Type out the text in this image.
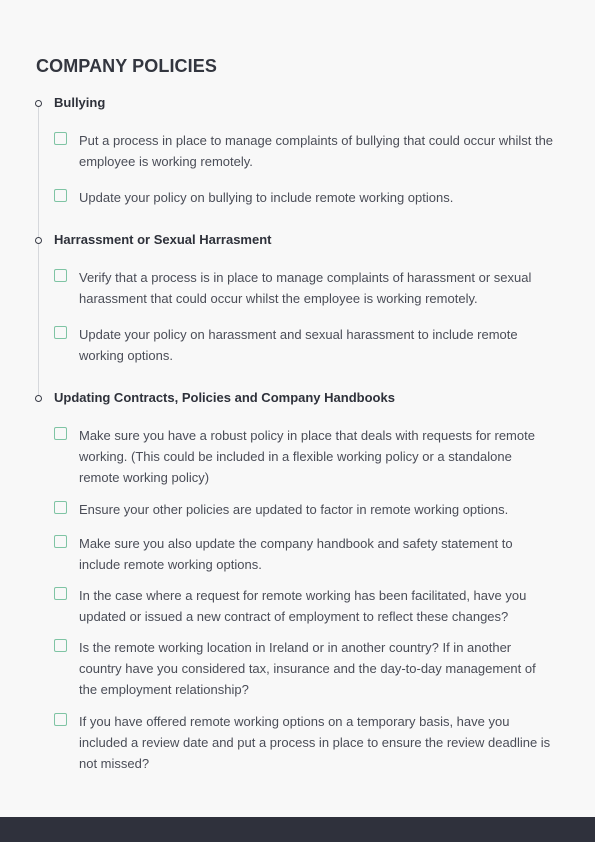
COMPANY POLICIES
Bullying
Put a process in place to manage complaints of bullying that could occur whilst the employee is working remotely.
Update your policy on bullying to include remote working options.
Harrassment or Sexual Harrasment
Verify that a process is in place to manage complaints of harassment or sexual harassment that could occur whilst the employee is working remotely.
Update your policy on harassment and sexual harassment to include remote working options.
Updating Contracts, Policies and Company Handbooks
Make sure you have a robust policy in place that deals with requests for remote working. (This could be included in a flexible working policy or a standalone remote working policy)
Ensure your other policies are updated to factor in remote working options.
Make sure you also update the company handbook and safety statement to include remote working options.
In the case where a request for remote working has been facilitated, have you updated or issued a new contract of employment to reflect these changes?
Is the remote working location in Ireland or in another country? If in another country have you considered tax, insurance and the day-to-day management of the employment relationship?
If you have offered remote working options on a temporary basis, have you included a review date and put a process in place to ensure the review deadline is not missed?
